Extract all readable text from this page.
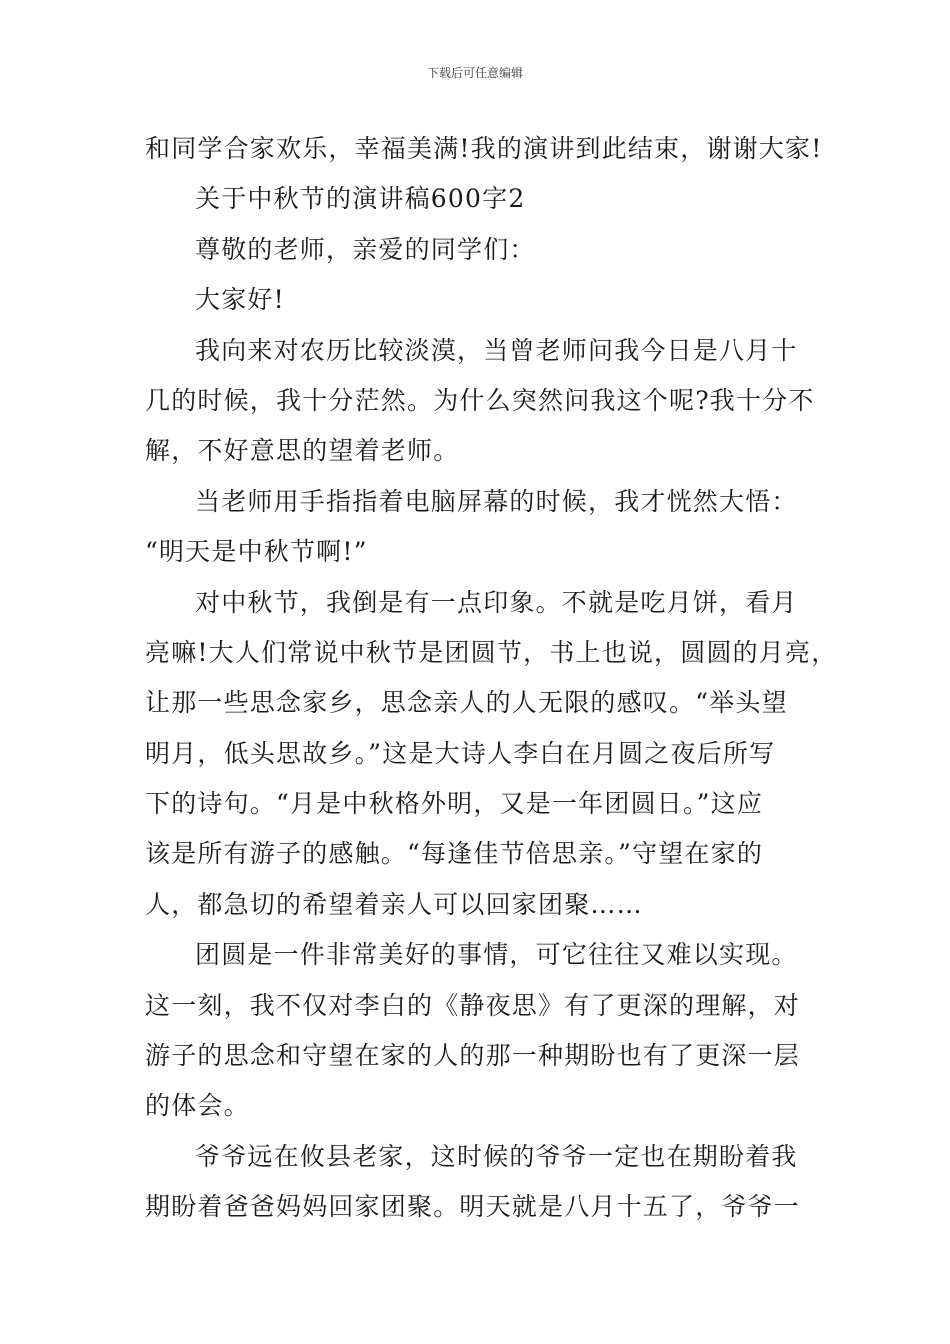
下载后可任意编辑
和同学合家欢乐，幸福美满!我的演讲到此结束，谢谢大家!
关于中秋节的演讲稿600字2
尊敬的老师，亲爱的同学们：
大家好!
我向来对农历比较淡漠，当曾老师问我今日是八月十
几的时候，我十分茫然。为什么突然问我这个呢?我十分不
解，不好意思的望着老师。
当老师用手指指着电脑屏幕的时候，我才恍然大悟：
“明天是中秋节啊!”
对中秋节，我倒是有一点印象。不就是吃月饼，看月
亮嘛!大人们常说中秋节是团圆节，书上也说，圆圆的月亮，
让那一些思念家乡，思念亲人的人无限的感叹。“举头望
明月，低头思故乡。”这是大诗人李白在月圆之夜后所写
下的诗句。“月是中秋格外明，又是一年团圆日。”这应
该是所有游子的感触。“每逢佳节倍思亲。”守望在家的
人，都急切的希望着亲人可以回家团聚……
团圆是一件非常美好的事情，可它往往又难以实现。
这一刻，我不仅对李白的《静夜思》有了更深的理解，对
游子的思念和守望在家的人的那一种期盼也有了更深一层
的体会。
爷爷远在攸县老家，这时候的爷爷一定也在期盼着我
期盼着爸爸妈妈回家团聚。明天就是八月十五了，爷爷一
